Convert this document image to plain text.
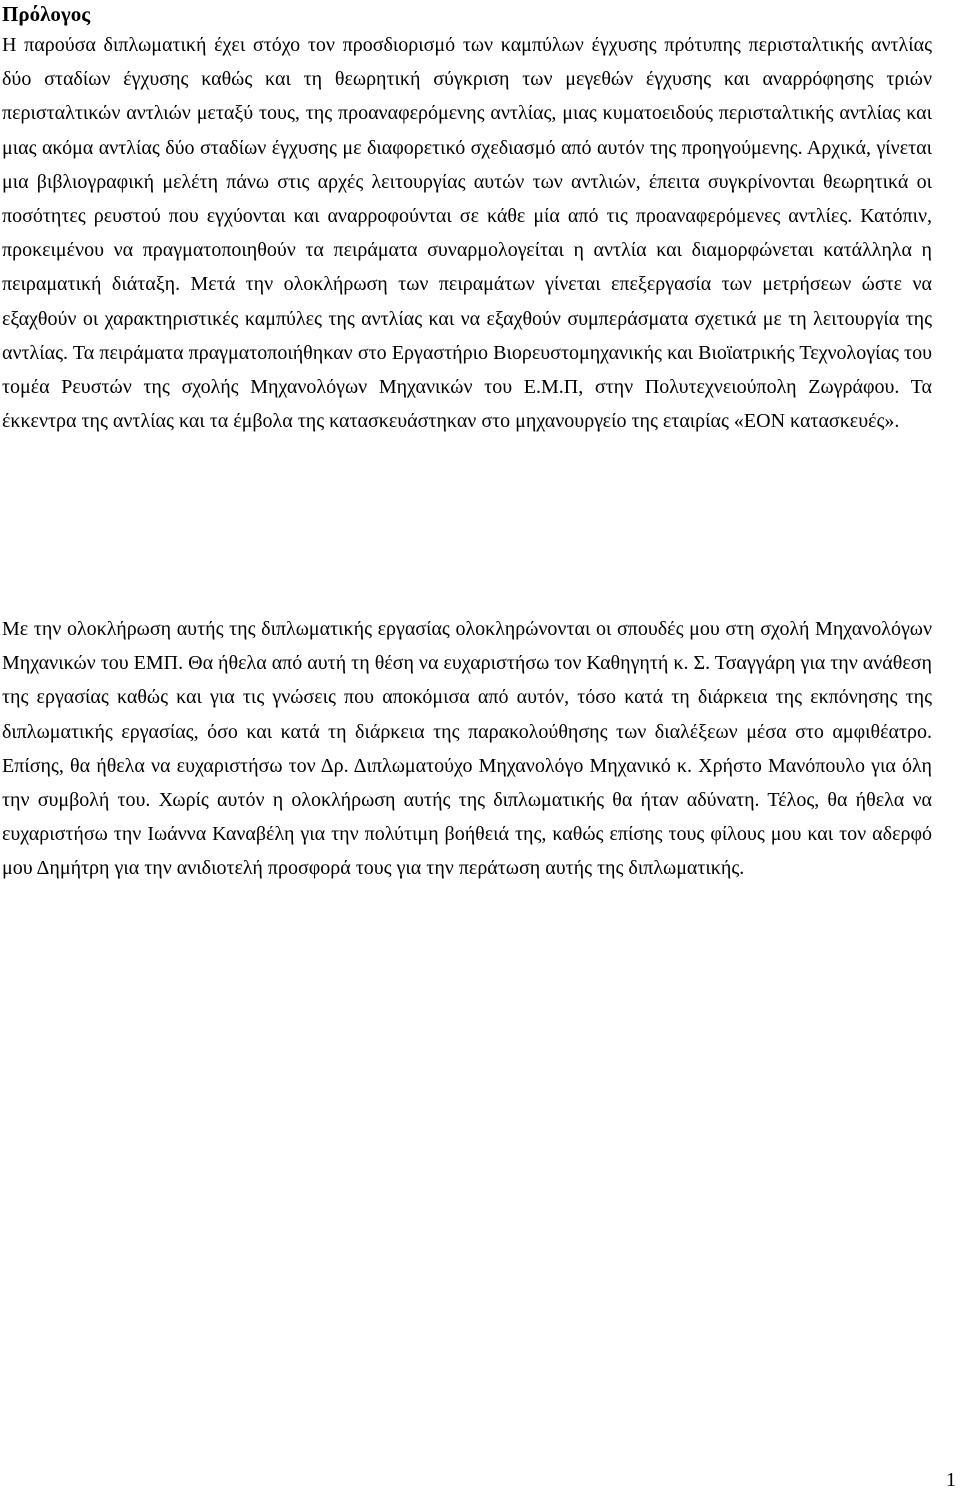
Πρόλογος

Η παρούσα διπλωματική έχει στόχο τον προσδιορισμό των καμπύλων έγχυσης πρότυπης περισταλτικής αντλίας δύο σταδίων έγχυσης καθώς και τη θεωρητική σύγκριση των μεγεθών έγχυσης και αναρρόφησης τριών περισταλτικών αντλιών μεταξύ τους, της προαναφερόμενης αντλίας, μιας κυματοειδούς περισταλτικής αντλίας και μιας ακόμα αντλίας δύο σταδίων έγχυσης με διαφορετικό σχεδιασμό από αυτόν της προηγούμενης. Αρχικά, γίνεται μια βιβλιογραφική μελέτη πάνω στις αρχές λειτουργίας αυτών των αντλιών, έπειτα συγκρίνονται θεωρητικά οι ποσότητες ρευστού που εγχύονται και αναρροφούνται σε κάθε μία από τις προαναφερόμενες αντλίες. Κατόπιν, προκειμένου να πραγματοποιηθούν τα πειράματα συναρμολογείται η αντλία και διαμορφώνεται κατάλληλα η πειραματική διάταξη. Μετά την ολοκλήρωση των πειραμάτων γίνεται επεξεργασία των μετρήσεων ώστε να εξαχθούν οι χαρακτηριστικές καμπύλες της αντλίας και να εξαχθούν συμπεράσματα σχετικά με τη λειτουργία της αντλίας. Τα πειράματα πραγματοποιήθηκαν στο Εργαστήριο Βιορευστομηχανικής και Βιοϊατρικής Τεχνολογίας του τομέα Ρευστών της σχολής Μηχανολόγων Μηχανικών του Ε.Μ.Π, στην Πολυτεχνειούπολη Ζωγράφου. Τα έκκεντρα της αντλίας και τα έμβολα της κατασκευάστηκαν στο μηχανουργείο της εταιρίας «ΕΟΝ κατασκευές».

Με την ολοκλήρωση αυτής της διπλωματικής εργασίας ολοκληρώνονται οι σπουδές μου στη σχολή Μηχανολόγων Μηχανικών του ΕΜΠ. Θα ήθελα από αυτή τη θέση να ευχαριστήσω τον Καθηγητή κ. Σ. Τσαγγάρη για την ανάθεση της εργασίας καθώς και για τις γνώσεις που αποκόμισα από αυτόν, τόσο κατά τη διάρκεια της εκπόνησης της διπλωματικής εργασίας, όσο και κατά τη διάρκεια της παρακολούθησης των διαλέξεων μέσα στο αμφιθέατρο. Επίσης, θα ήθελα να ευχαριστήσω τον Δρ. Διπλωματούχο Μηχανολόγο Μηχανικό κ. Χρήστο Μανόπουλο για όλη την συμβολή του. Χωρίς αυτόν η ολοκλήρωση αυτής της διπλωματικής θα ήταν αδύνατη. Τέλος, θα ήθελα να ευχαριστήσω την Ιωάννα Καναβέλη για την πολύτιμη βοήθειά της, καθώς επίσης τους φίλους μου και τον αδερφό μου Δημήτρη για την ανιδιοτελή προσφορά τους για την περάτωση αυτής της διπλωματικής.

1
